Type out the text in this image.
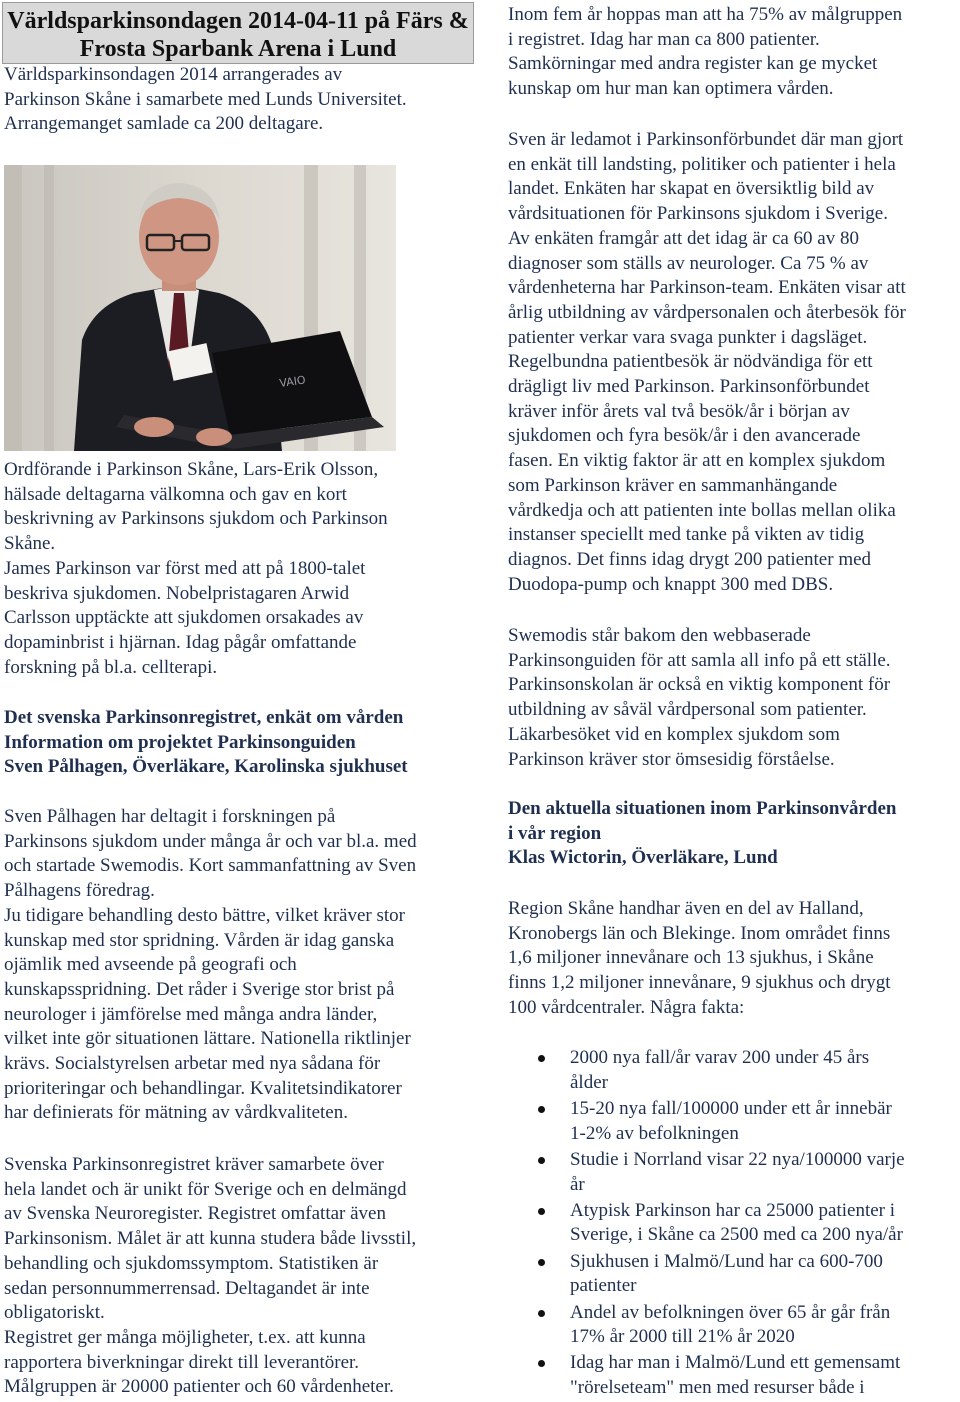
Världsparkinsondagen 2014-04-11 på Färs & Frosta Sparbank Arena i Lund
Världsparkinsondagen 2014 arrangerades av
Parkinson Skåne i samarbete med Lunds Universitet.
Arrangemanget samlade ca 200 deltagare.
VAIO
Ordförande i Parkinson Skåne, Lars-Erik Olsson,
hälsade deltagarna välkomna och gav en kort
beskrivning av Parkinsons sjukdom och Parkinson
Skåne.
James Parkinson var först med att på 1800-talet
beskriva sjukdomen. Nobelpristagaren Arwid
Carlsson upptäckte att sjukdomen orsakades av
dopaminbrist i hjärnan. Idag pågår omfattande
forskning på bl.a. cellterapi.
Det svenska Parkinsonregistret, enkät om vården
Information om projektet Parkinsonguiden
Sven Pålhagen, Överläkare, Karolinska sjukhuset
Sven Pålhagen har deltagit i forskningen på
Parkinsons sjukdom under många år och var bl.a. med
och startade Swemodis. Kort sammanfattning av Sven
Pålhagens föredrag.
Ju tidigare behandling desto bättre, vilket kräver stor
kunskap med stor spridning. Vården är idag ganska
ojämlik med avseende på geografi och
kunskapsspridning. Det råder i Sverige stor brist på
neurologer i jämförelse med många andra länder,
vilket inte gör situationen lättare. Nationella riktlinjer
krävs. Socialstyrelsen arbetar med nya sådana för
prioriteringar och behandlingar. Kvalitetsindikatorer
har definierats för mätning av vårdkvaliteten.
Svenska Parkinsonregistret kräver samarbete över
hela landet och är unikt för Sverige och en delmängd
av Svenska Neuroregister. Registret omfattar även
Parkinsonism. Målet är att kunna studera både livsstil,
behandling och sjukdomssymptom. Statistiken är
sedan personnummerrensad. Deltagandet är inte
obligatoriskt.
Registret ger många möjligheter, t.ex. att kunna
rapportera biverkningar direkt till leverantörer.
Målgruppen är 20000 patienter och 60 vårdenheter.
Inom fem år hoppas man att ha 75% av målgruppen
i registret. Idag har man ca 800 patienter.
Samkörningar med andra register kan ge mycket
kunskap om hur man kan optimera vården.
Sven är ledamot i Parkinsonförbundet där man gjort
en enkät till landsting, politiker och patienter i hela
landet. Enkäten har skapat en översiktlig bild av
vårdsituationen för Parkinsons sjukdom i Sverige.
Av enkäten framgår att det idag är ca 60 av 80
diagnoser som ställs av neurologer. Ca 75 % av
vårdenheterna har Parkinson-team. Enkäten visar att
årlig utbildning av vårdpersonalen och återbesök för
patienter verkar vara svaga punkter i dagsläget.
Regelbundna patientbesök är nödvändiga för ett
drägligt liv med Parkinson. Parkinsonförbundet
kräver inför årets val två besök/år i början av
sjukdomen och fyra besök/år i den avancerade
fasen. En viktig faktor är att en komplex sjukdom
som Parkinson kräver en sammanhängande
vårdkedja och att patienten inte bollas mellan olika
instanser speciellt med tanke på vikten av tidig
diagnos. Det finns idag drygt 200 patienter med
Duodopa-pump och knappt 300 med DBS.
Swemodis står bakom den webbaserade
Parkinsonguiden för att samla all info på ett ställe.
Parkinsonskolan är också en viktig komponent för
utbildning av såväl vårdpersonal som patienter.
Läkarbesöket vid en komplex sjukdom som
Parkinson kräver stor ömsesidig förståelse.
Den aktuella situationen inom Parkinsonvården
i vår region
Klas Wictorin, Överläkare, Lund
Region Skåne handhar även en del av Halland,
Kronobergs län och Blekinge. Inom området finns
1,6 miljoner innevånare och 13 sjukhus, i Skåne
finns 1,2 miljoner innevånare, 9 sjukhus och drygt
100 vårdcentraler. Några fakta:
2000 nya fall/år varav 200 under 45 års
ålder
15-20 nya fall/100000 under ett år innebär
1-2% av befolkningen
Studie i Norrland visar 22 nya/100000 varje
år
Atypisk Parkinson har ca 25000 patienter i
Sverige, i Skåne ca 2500 med ca 200 nya/år
Sjukhusen i Malmö/Lund har ca 600-700
patienter
Andel av befolkningen över 65 år går från
17% år 2000 till 21% år 2020
Idag har man i Malmö/Lund ett gemensamt
"rörelseteam" men med resurser både i
